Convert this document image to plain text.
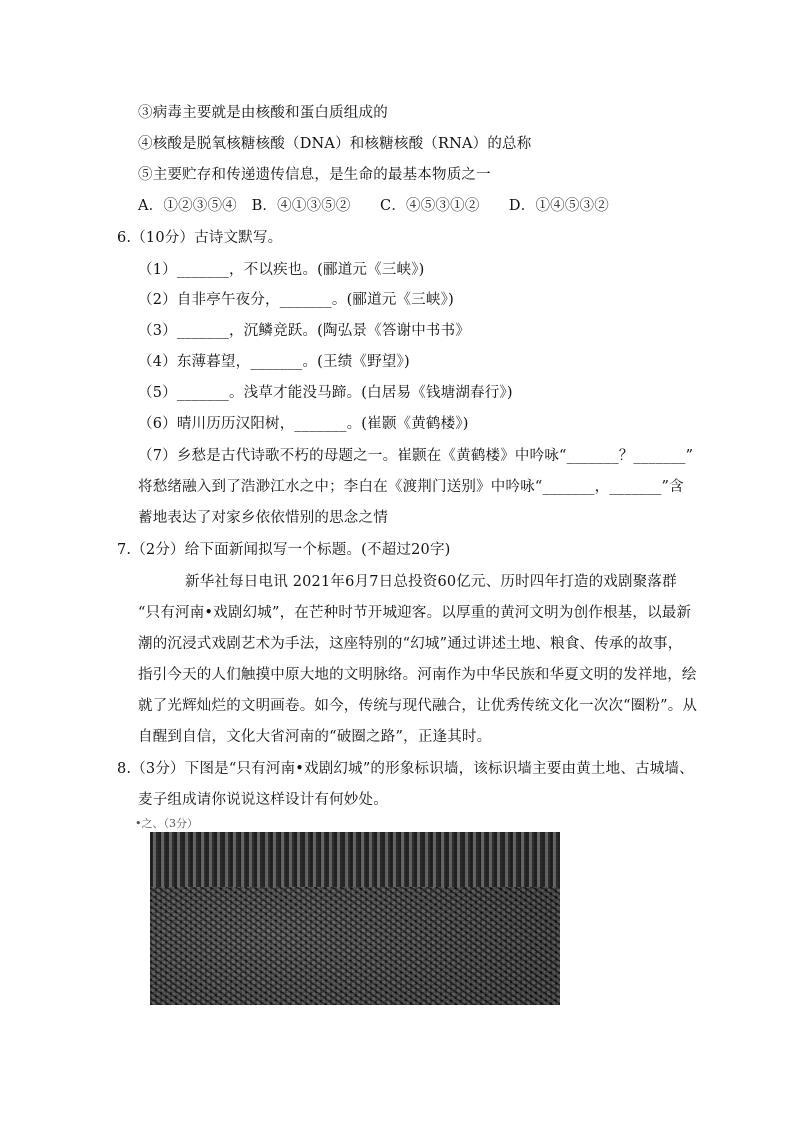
③病毒主要就是由核酸和蛋白质组成的
④核酸是脱氧核糖核酸（DNA）和核糖核酸（RNA）的总称
⑤主要贮存和传递遗传信息，是生命的最基本物质之一
A．①②③⑤④　B．④①③⑤②　　C．④⑤③①②　　D．①④⑤③②
6.（10分）古诗文默写。
（1）_______，不以疾也。(郦道元《三峡》)
（2）自非亭午夜分，_______。(郦道元《三峡》)
（3）_______，沉鳞竞跃。(陶弘景《答谢中书书》
（4）东薄暮望，_______。(王绩《野望》)
（5）_______。浅草才能没马蹄。(白居易《钱塘湖春行》)
（6）晴川历历汉阳树，_______。(崔颢《黄鹤楼》)
（7）乡愁是古代诗歌不朽的母题之一。崔颢在《黄鹤楼》中吟咏“_______？_______”
将愁绪融入到了浩渺江水之中；李白在《渡荆门送别》中吟咏“_______，_______”含
蓄地表达了对家乡依依惜别的思念之情
7.（2分）给下面新闻拟写一个标题。(不超过20字)
新华社每日电讯 2021年6月7日总投资60亿元、历时四年打造的戏剧聚落群
“只有河南•戏剧幻城”，在芒种时节开城迎客。以厚重的黄河文明为创作根基，以最新
潮的沉浸式戏剧艺术为手法，这座特别的“幻城”通过讲述土地、粮食、传承的故事，
指引今天的人们触摸中原大地的文明脉络。河南作为中华民族和华夏文明的发祥地，绘
就了光辉灿烂的文明画卷。如今，传统与现代融合，让优秀传统文化一次次“圈粉”。从
自醒到自信，文化大省河南的“破圈之路”，正逢其时。
8.（3分）下图是“只有河南•戏剧幻城”的形象标识墙，该标识墙主要由黄土地、古城墙、
麦子组成请你说说这样设计有何妙处。
•之、（3分）
